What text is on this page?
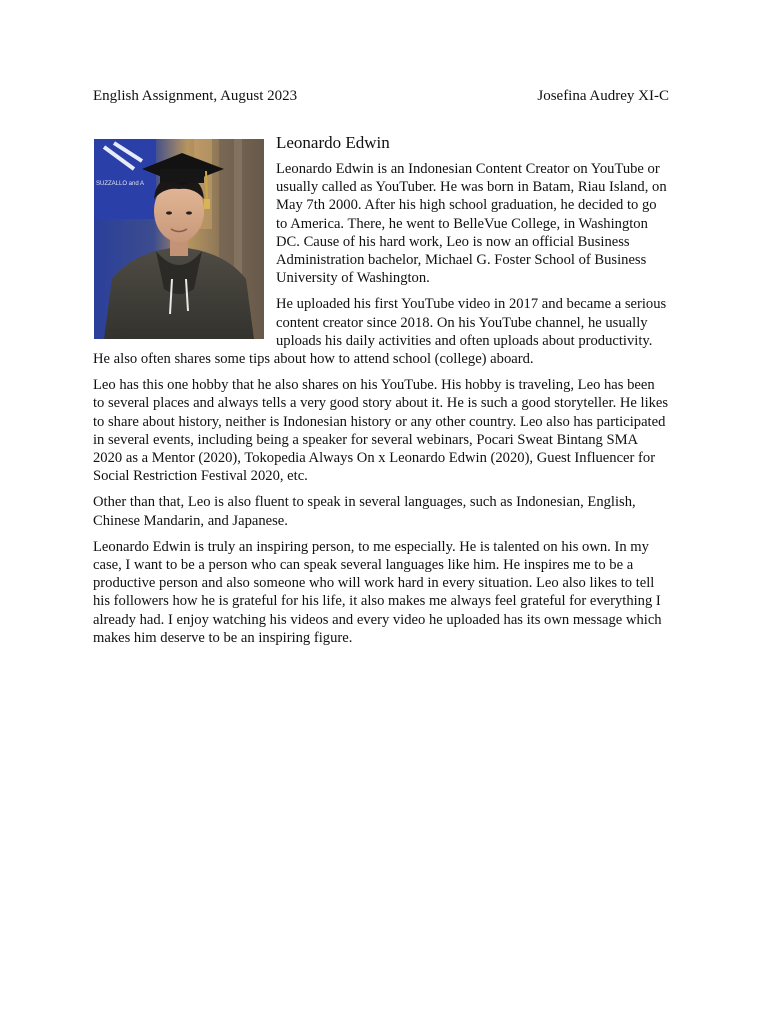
English Assignment, August 2023	Josefina Audrey XI-C
SUZZALLO and A
Leonardo Edwin

Leonardo Edwin is an Indonesian Content Creator on YouTube or usually called as YouTuber. He was born in Batam, Riau Island, on May 7th 2000. After his high school graduation, he decided to go to America. There, he went to BelleVue College, in Washington DC. Cause of his hard work, Leo is now an official Business Administration bachelor, Michael G. Foster School of Business University of Washington.

He uploaded his first YouTube video in 2017 and became a serious content creator since 2018. On his YouTube channel, he usually uploads his daily activities and often uploads about productivity. He also often shares some tips about how to attend school (college) aboard.

Leo has this one hobby that he also shares on his YouTube. His hobby is traveling, Leo has been to several places and always tells a very good story about it. He is such a good storyteller. He likes to share about history, neither is Indonesian history or any other country. Leo also has participated in several events, including being a speaker for several webinars, Pocari Sweat Bintang SMA 2020 as a Mentor (2020), Tokopedia Always On x Leonardo Edwin (2020), Guest Influencer for Social Restriction Festival 2020, etc.

Other than that, Leo is also fluent to speak in several languages, such as Indonesian, English, Chinese Mandarin, and Japanese.

Leonardo Edwin is truly an inspiring person, to me especially. He is talented on his own. In my case, I want to be a person who can speak several languages like him. He inspires me to be a productive person and also someone who will work hard in every situation. Leo also likes to tell his followers how he is grateful for his life, it also makes me always feel grateful for everything I already had. I enjoy watching his videos and every video he uploaded has its own message which makes him deserve to be an inspiring figure.
